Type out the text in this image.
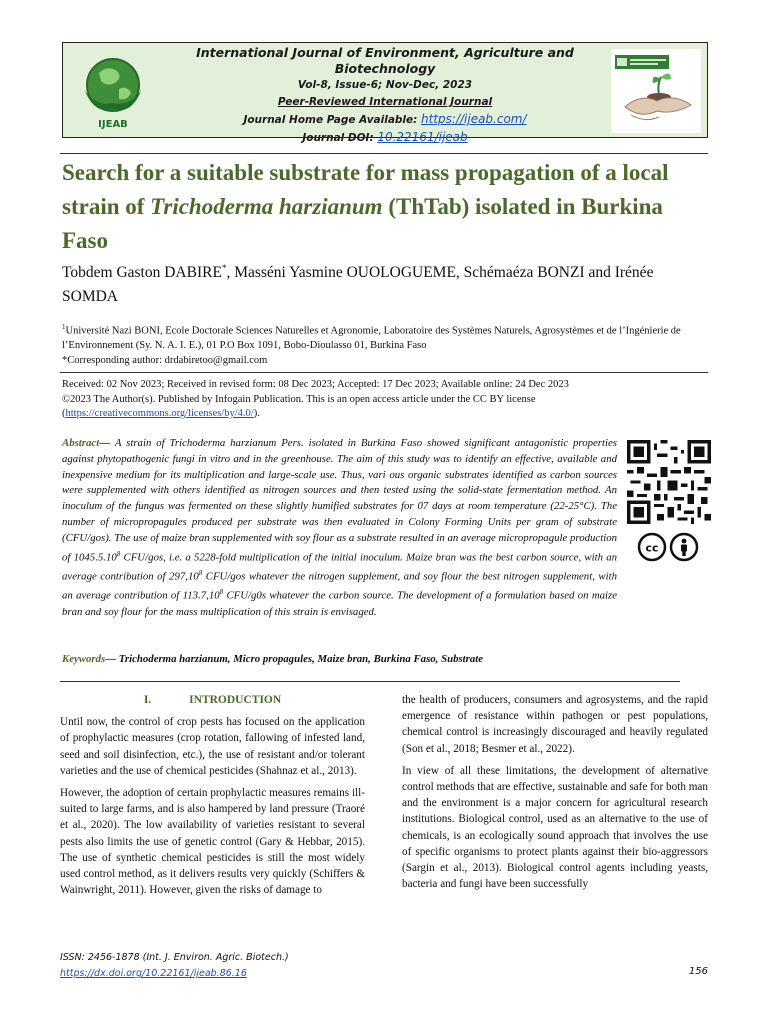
IJEAB
International Journal of Environment, Agriculture and Biotechnology
Vol-8, Issue-6; Nov-Dec, 2023
Peer-Reviewed International Journal
Journal Home Page Available: https://ijeab.com/
Journal DOI: 10.22161/ijeab
Search for a suitable substrate for mass propagation of a local strain of Trichoderma harzianum (ThTab) isolated in Burkina Faso
Tobdem Gaston DABIRE*, Masséni Yasmine OUOLOGUEME, Schémaéza BONZI and Irénée SOMDA
$^1$Université Nazi BONI, Ecole Doctorale Sciences Naturelles et Agronomie, Laboratoire des Systèmes Naturels, Agrosystèmes et de l’Ingénierie de l’Environnement (Sy. N. A. I. E.), 01 P.O Box 1091, Bobo-Dioulasso 01, Burkina Faso
*Corresponding author: drdabiretoo@gmail.com
Received: 02 Nov 2023; Received in revised form: 08 Dec 2023; Accepted: 17 Dec 2023; Available online: 24 Dec 2023
©2023 The Author(s). Published by Infogain Publication. This is an open access article under the CC BY license (https://creativecommons.org/licenses/by/4.0/).
Abstract— A strain of Trichoderma harzianum Pers. isolated in Burkina Faso showed significant antagonistic properties against phytopathogenic fungi in vitro and in the greenhouse. The aim of this study was to identify an effective, available and inexpensive medium for its multiplication and large-scale use. Thus, vari ous organic substrates identified as carbon sources were supplemented with others identified as nitrogen sources and then tested using the solid-state fermentation method. An inoculum of the fungus was fermented on these slightly humified substrates for 07 days at room temperature (22-25°C). The number of micropropagules produced per substrate was then evaluated in Colony Forming Units per gram of substrate (CFU/gos). The use of maize bran supplemented with soy flour as a substrate resulted in an average micropropagule production of 1045.5.10$^8$ CFU/gos, i.e. a 5228-fold multiplication of the initial inoculum. Maize bran was the best carbon source, with an average contribution of 297,10$^8$ CFU/gos whatever the nitrogen supplement, and soy flour the best nitrogen supplement, with an average contribution of 113.7,10$^8$ CFU/g0s whatever the carbon source. The development of a formulation based on maize bran and soy flour for the mass multiplication of this strain is envisaged.
cc
Keywords— Trichoderma harzianum, Micro propagules, Maize bran, Burkina Faso, Substrate
I.	INTRODUCTION

Until now, the control of crop pests has focused on the application of prophylactic measures (crop rotation, fallowing of infested land, seed and soil disinfection, etc.), the use of resistant and/or tolerant varieties and the use of chemical pesticides (Shahnaz et al., 2013).

However, the adoption of certain prophylactic measures remains ill-suited to large farms, and is also hampered by land pressure (Traoré et al., 2020). The low availability of varieties resistant to several pests also limits the use of genetic control (Gary & Hebbar, 2015). The use of synthetic chemical pesticides is still the most widely used control method, as it delivers results very quickly (Schiffers & Wainwright, 2011). However, given the risks of damage to

the health of producers, consumers and agrosystems, and the rapid emergence of resistance within pathogen or pest populations, chemical control is increasingly discouraged and heavily regulated (Son et al., 2018; Besmer et al., 2022).

In view of all these limitations, the development of alternative control methods that are effective, sustainable and safe for both man and the environment is a major concern for agricultural research institutions. Biological control, used as an alternative to the use of chemicals, is an ecologically sound approach that involves the use of specific organisms to protect plants against their bio-aggressors (Sargin et al., 2013). Biological control agents including yeasts, bacteria and fungi have been successfully

ISSN: 2456-1878 (Int. J. Environ. Agric. Biotech.)
https://dx.doi.org/10.22161/ijeab.86.16	156
